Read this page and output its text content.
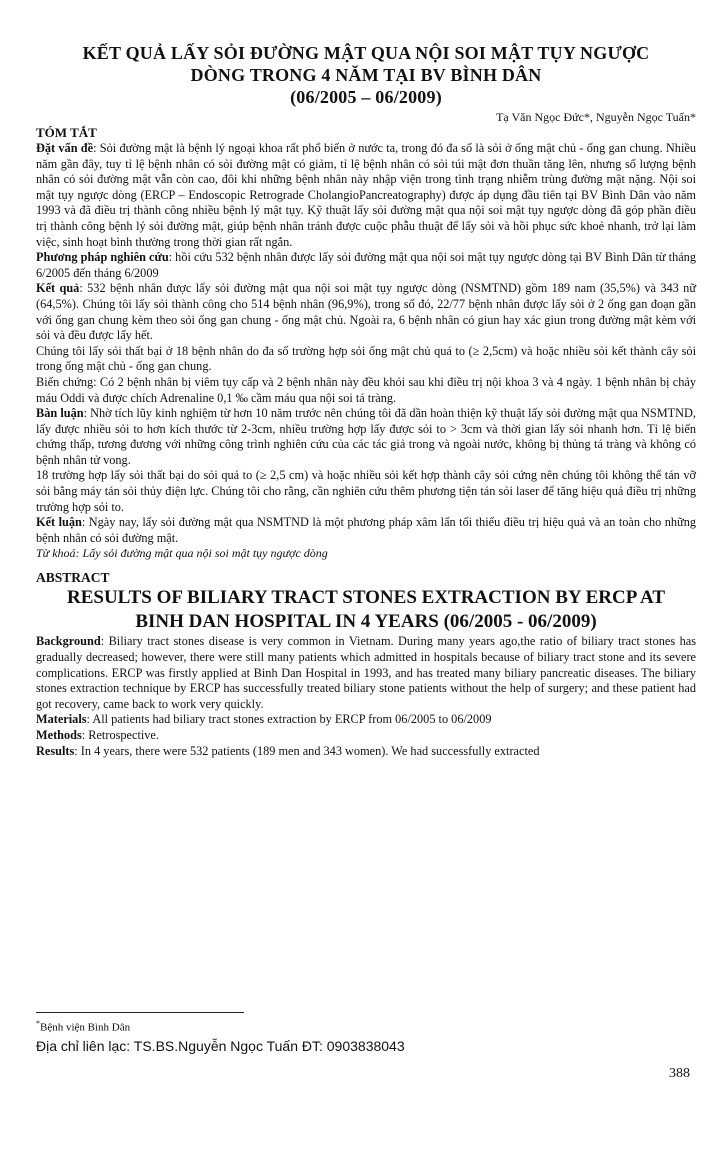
KẾT QUẢ LẤY SỎI ĐƯỜNG MẬT QUA NỘI SOI MẬT TỤY NGƯỢC
DÒNG TRONG 4 NĂM TẠI BV BÌNH DÂN
(06/2005 – 06/2009)
Tạ Văn Ngọc Đức*, Nguyễn Ngọc Tuấn*
TÓM TẮT

Đặt vấn đề: Sỏi đường mật là bệnh lý ngoại khoa rất phổ biến ở nước ta, trong đó đa số là sỏi ở ống mật chủ - ống gan chung. Nhiều năm gần đây, tuy tỉ lệ bệnh nhân có sỏi đường mật có giảm, tỉ lệ bệnh nhân có sỏi túi mật đơn thuần tăng lên, nhưng số lượng bệnh nhân có sỏi đường mật vẫn còn cao, đôi khi những bệnh nhân này nhập viện trong tình trạng nhiễm trùng đường mật nặng. Nội soi mật tụy ngược dòng (ERCP – Endoscopic Retrograde CholangioPancreatography) được áp dụng đầu tiên tại BV Bình Dân vào năm 1993 và đã điều trị thành công nhiều bệnh lý mật tụy. Kỹ thuật lấy sỏi đường mật qua nội soi mật tụy ngược dòng đã góp phần điều trị thành công bệnh lý sỏi đường mật, giúp bệnh nhân tránh được cuộc phẫu thuật để lấy sỏi và hồi phục sức khoẻ nhanh, trở lại làm việc, sinh hoạt bình thường trong thời gian rất ngắn.

Phương pháp nghiên cứu: hồi cứu 532 bệnh nhân được lấy sỏi đường mật qua nội soi mật tụy ngược dòng tại BV Bình Dân từ tháng 6/2005 đến tháng 6/2009

Kết quả: 532 bệnh nhân được lấy sỏi đường mật qua nội soi mật tụy ngược dòng (NSMTND) gồm 189 nam (35,5%) và 343 nữ (64,5%). Chúng tôi lấy sỏi thành công cho 514 bệnh nhân (96,9%), trong số đó, 22/77 bệnh nhân được lấy sỏi ở 2 ống gan đoạn gần với ống gan chung kèm theo sỏi ống gan chung - ống mật chủ. Ngoài ra, 6 bệnh nhân có giun hay xác giun trong đường mật kèm với sỏi và đều được lấy hết.

Chúng tôi lấy sỏi thất bại ở 18 bệnh nhân do đa số trường hợp sỏi ống mật chủ quá to (≥ 2,5cm) và hoặc nhiều sỏi kết thành cây sỏi trong ống mật chủ - ống gan chung.

Biến chứng: Có 2 bệnh nhân bị viêm tụy cấp và 2 bệnh nhân này đều khỏi sau khi điều trị nội khoa 3 và 4 ngày. 1 bệnh nhân bị chảy máu Oddi và được chích Adrenaline 0,1 ‰ cầm máu qua nội soi tá tràng.

Bàn luận: Nhờ tích lũy kinh nghiệm từ hơn 10 năm trước nên chúng tôi đã dần hoàn thiện kỹ thuật lấy sỏi đường mật qua NSMTND, lấy được nhiều sỏi to hơn kích thước từ 2-3cm, nhiều trường hợp lấy được sỏi to > 3cm và thời gian lấy sỏi nhanh hơn. Tỉ lệ biến chứng thấp, tương đương với những công trình nghiên cứu của các tác giả trong và ngoài nước, không bị thủng tá tràng và không có bệnh nhân tử vong.

18 trường hợp lấy sỏi thất bại do sỏi quá to (≥ 2,5 cm) và hoặc nhiều sỏi kết hợp thành cây sỏi cứng nên chúng tôi không thể tán vỡ sỏi bằng máy tán sỏi thủy điện lực. Chúng tôi cho rằng, cần nghiên cứu thêm phương tiện tán sỏi laser để tăng hiệu quả điều trị những trường hợp sỏi to.

Kết luận: Ngày nay, lấy sỏi đường mật qua NSMTND là một phương pháp xâm lấn tối thiểu điều trị hiệu quả và an toàn cho những bệnh nhân có sỏi đường mật.

Từ khoá: Lấy sỏi đường mật qua nội soi mật tụy ngược dòng

ABSTRACT
RESULTS OF BILIARY TRACT STONES EXTRACTION BY ERCP AT
BINH DAN HOSPITAL IN 4 YEARS (06/2005 - 06/2009)

Background: Biliary tract stones disease is very common in Vietnam. During many years ago,the ratio of biliary tract stones has gradually decreased; however, there were still many patients which admitted in hospitals because of biliary tract stone and its severe complications. ERCP was firstly applied at Binh Dan Hospital in 1993, and has treated many biliary pancreatic diseases. The biliary stones extraction technique by ERCP has successfully treated biliary stone patients without the help of surgery; and these patient had got recovery, came back to work very quickly.

Materials: All patients had biliary tract stones extraction by ERCP from 06/2005 to 06/2009

Methods: Retrospective.

Results: In 4 years, there were 532 patients (189 men and 343 women). We had successfully extracted

*Bệnh viện Bình Dân
Địa chỉ liên lạc: TS.BS.Nguyễn Ngọc Tuấn ĐT: 0903838043
388
